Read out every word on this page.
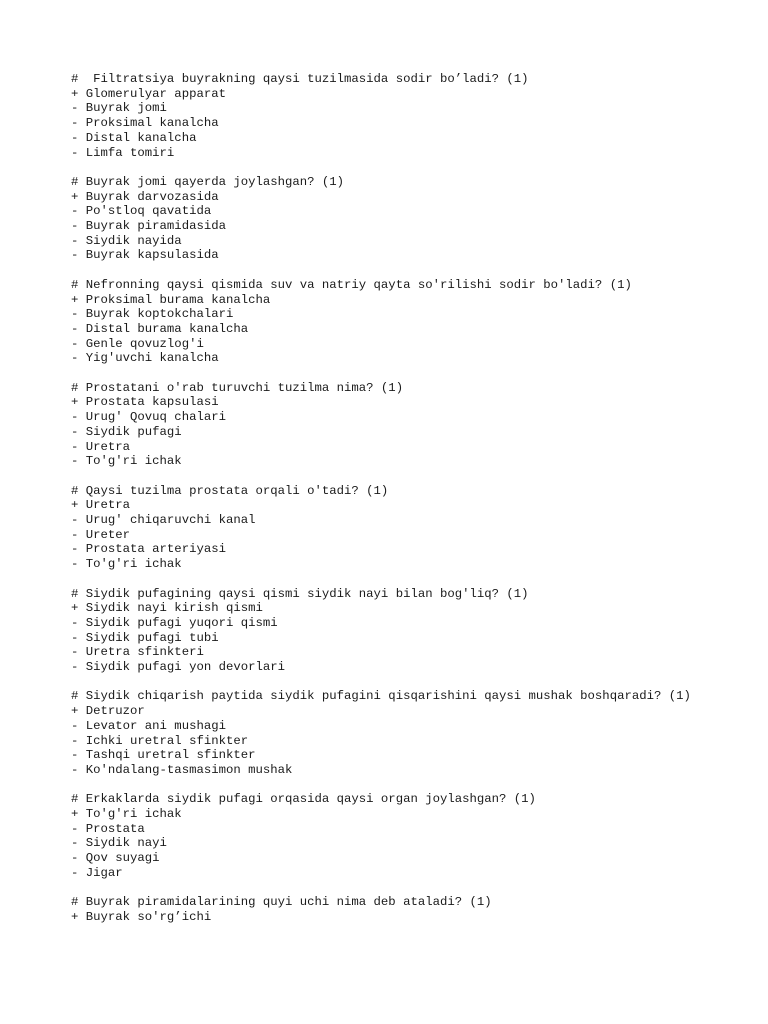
#  Filtratsiya buyrakning qaysi tuzilmasida sodir bo’ladi? (1)
+ Glomerulyar apparat
- Buyrak jomi
- Proksimal kanalcha
- Distal kanalcha
- Limfa tomiri
# Buyrak jomi qayerda joylashgan? (1)
+ Buyrak darvozasida
- Po'stloq qavatida
- Buyrak piramidasida
- Siydik nayida
- Buyrak kapsulasida
# Nefronning qaysi qismida suv va natriy qayta so'rilishi sodir bo'ladi? (1)
+ Proksimal burama kanalcha
- Buyrak koptokchalari
- Distal burama kanalcha
- Genle qovuzlog'i
- Yig'uvchi kanalcha
# Prostatani o'rab turuvchi tuzilma nima? (1)
+ Prostata kapsulasi
- Urug' Qovuq chalari
- Siydik pufagi
- Uretra
- To'g'ri ichak
# Qaysi tuzilma prostata orqali o'tadi? (1)
+ Uretra
- Urug' chiqaruvchi kanal
- Ureter
- Prostata arteriyasi
- To'g'ri ichak
# Siydik pufagining qaysi qismi siydik nayi bilan bog'liq? (1)
+ Siydik nayi kirish qismi
- Siydik pufagi yuqori qismi
- Siydik pufagi tubi
- Uretra sfinkteri
- Siydik pufagi yon devorlari
# Siydik chiqarish paytida siydik pufagini qisqarishini qaysi mushak boshqaradi? (1)
+ Detruzor
- Levator ani mushagi
- Ichki uretral sfinkter
- Tashqi uretral sfinkter
- Ko'ndalang-tasmasimon mushak
# Erkaklarda siydik pufagi orqasida qaysi organ joylashgan? (1)
+ To'g'ri ichak
- Prostata
- Siydik nayi
- Qov suyagi
- Jigar
# Buyrak piramidalarining quyi uchi nima deb ataladi? (1)
+ Buyrak so'rg’ichi
